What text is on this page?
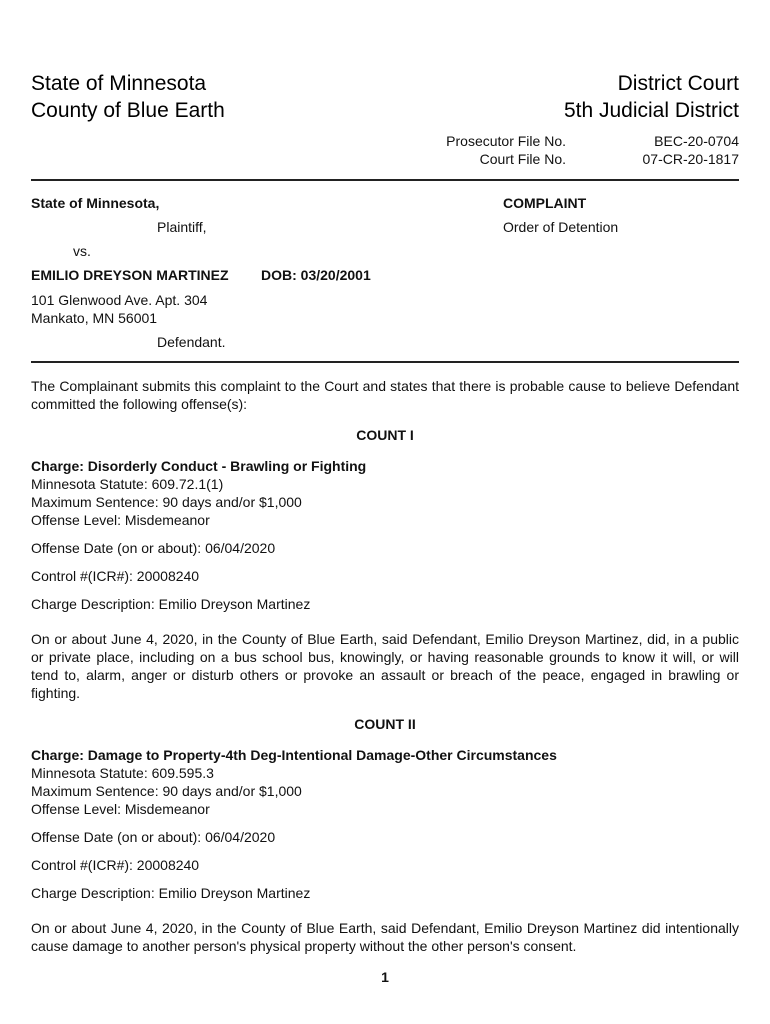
State of Minnesota
County of Blue Earth
District Court
5th Judicial District
Prosecutor File No.	BEC-20-0704
Court File No.	07-CR-20-1817
State of Minnesota,
Plaintiff,
vs.
EMILIO DREYSON MARTINEZ DOB: 03/20/2001
101 Glenwood Ave. Apt. 304
Mankato, MN 56001
Defendant.
COMPLAINT
Order of Detention
The Complainant submits this complaint to the Court and states that there is probable cause to believe Defendant committed the following offense(s):
COUNT I
Charge: Disorderly Conduct - Brawling or Fighting
Minnesota Statute: 609.72.1(1)
Maximum Sentence: 90 days and/or $1,000
Offense Level: Misdemeanor
Offense Date (on or about): 06/04/2020
Control #(ICR#): 20008240
Charge Description: Emilio Dreyson Martinez
On or about June 4, 2020, in the County of Blue Earth, said Defendant, Emilio Dreyson Martinez, did, in a public or private place, including on a bus school bus, knowingly, or having reasonable grounds to know it will, or will tend to, alarm, anger or disturb others or provoke an assault or breach of the peace, engaged in brawling or fighting.
COUNT II
Charge: Damage to Property-4th Deg-Intentional Damage-Other Circumstances
Minnesota Statute: 609.595.3
Maximum Sentence: 90 days and/or $1,000
Offense Level: Misdemeanor
Offense Date (on or about): 06/04/2020
Control #(ICR#): 20008240
Charge Description: Emilio Dreyson Martinez
On or about June 4, 2020, in the County of Blue Earth, said Defendant, Emilio Dreyson Martinez did intentionally cause damage to another person's physical property without the other person's consent.
1
